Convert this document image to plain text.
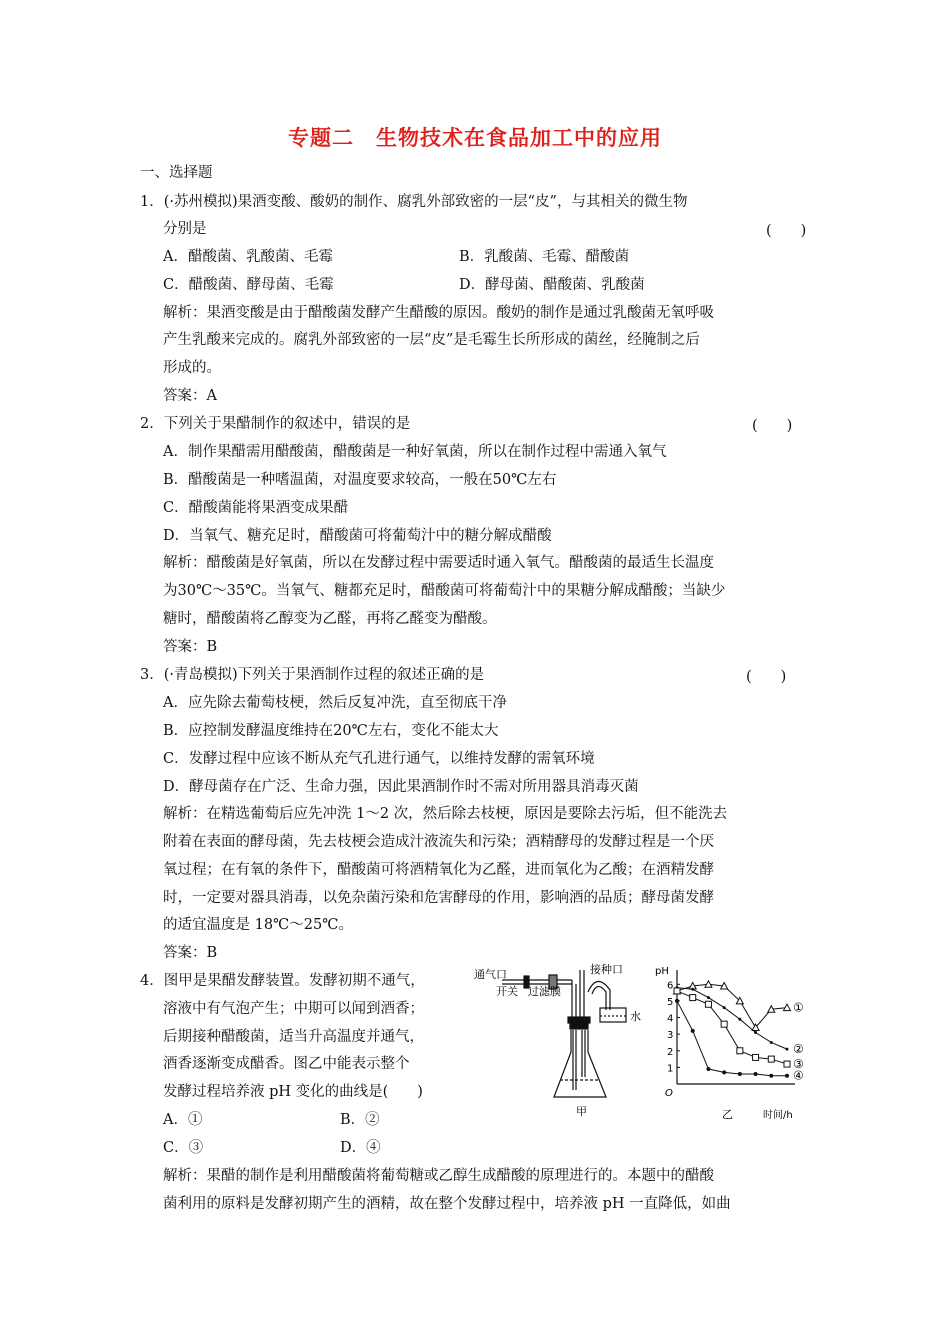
专题二　生物技术在食品加工中的应用
一、选择题
1．(·苏州模拟)果酒变酸、酸奶的制作、腐乳外部致密的一层“皮”，与其相关的微生物
分别是	(　　)
A．醋酸菌、乳酸菌、毛霉	B．乳酸菌、毛霉、醋酸菌
C．醋酸菌、酵母菌、毛霉	D．酵母菌、醋酸菌、乳酸菌
解析：果酒变酸是由于醋酸菌发酵产生醋酸的原因。酸奶的制作是通过乳酸菌无氧呼吸
产生乳酸来完成的。腐乳外部致密的一层“皮”是毛霉生长所形成的菌丝，经腌制之后
形成的。
答案：A
2．下列关于果醋制作的叙述中，错误的是	(　　)
A．制作果醋需用醋酸菌，醋酸菌是一种好氧菌，所以在制作过程中需通入氧气
B．醋酸菌是一种嗜温菌，对温度要求较高，一般在50℃左右
C．醋酸菌能将果酒变成果醋
D．当氧气、糖充足时，醋酸菌可将葡萄汁中的糖分解成醋酸
解析：醋酸菌是好氧菌，所以在发酵过程中需要适时通入氧气。醋酸菌的最适生长温度
为30℃～35℃。当氧气、糖都充足时，醋酸菌可将葡萄汁中的果糖分解成醋酸；当缺少
糖时，醋酸菌将乙醇变为乙醛，再将乙醛变为醋酸。
答案：B
3．(·青岛模拟)下列关于果酒制作过程的叙述正确的是	(　　)
A．应先除去葡萄枝梗，然后反复冲洗，直至彻底干净
B．应控制发酵温度维持在20℃左右，变化不能太大
C．发酵过程中应该不断从充气孔进行通气，以维持发酵的需氧环境
D．酵母菌存在广泛、生命力强，因此果酒制作时不需对所用器具消毒灭菌
解析：在精选葡萄后应先冲洗 1～2 次，然后除去枝梗，原因是要除去污垢，但不能洗去
附着在表面的酵母菌，先去枝梗会造成汁液流失和污染；酒精酵母的发酵过程是一个厌
氧过程；在有氧的条件下，醋酸菌可将酒精氧化为乙醛，进而氧化为乙酸；在酒精发酵
时，一定要对器具消毒，以免杂菌污染和危害酵母的作用，影响酒的品质；酵母菌发酵
的适宜温度是 18℃～25℃。
答案：B
4．图甲是果醋发酵装置。发酵初期不通气，
溶液中有气泡产生；中期可以闻到酒香；
后期接种醋酸菌，适当升高温度并通气，
酒香逐渐变成醋香。图乙中能表示整个
发酵过程培养液 pH 变化的曲线是(　　)
A．①	B．②
C．③	D．④
解析：果醋的制作是利用醋酸菌将葡萄糖或乙醇生成醋酸的原理进行的。本题中的醋酸
菌利用的原料是发酵初期产生的酒精，故在整个发酵过程中，培养液 pH 一直降低，如曲
通气口
开关 过滤膜
接种口
水
甲
pH
O
时间/h
乙
1
2
3
4
5
6
①
②
③
④
